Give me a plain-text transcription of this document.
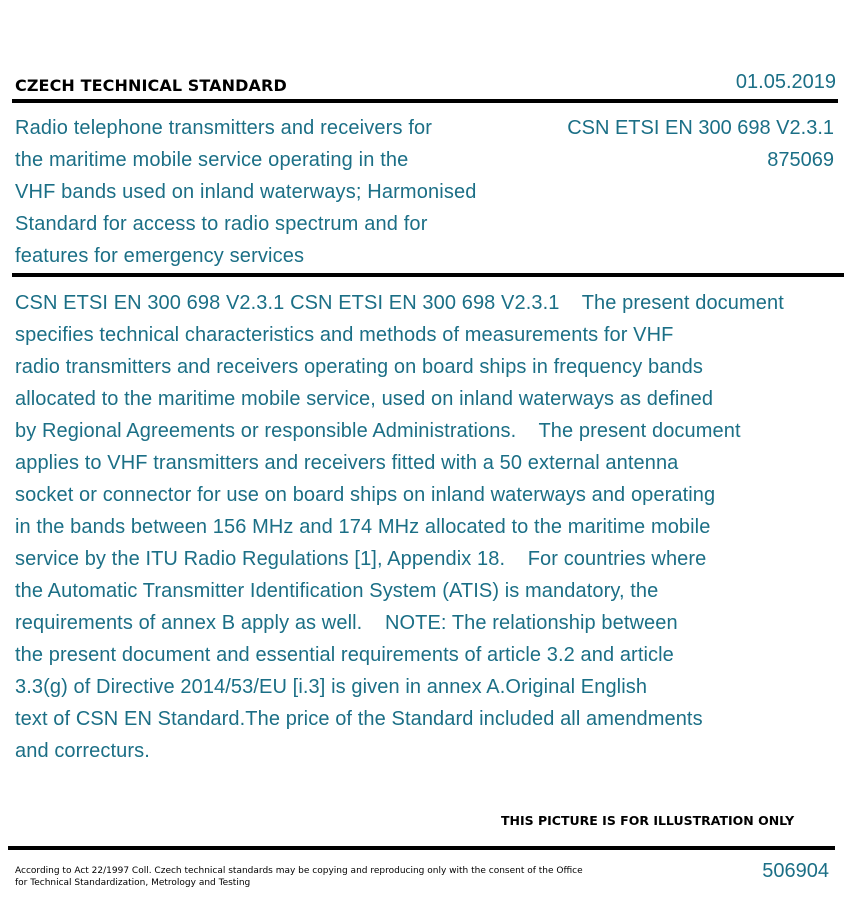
CZECH TECHNICAL STANDARD	01.05.2019
Radio telephone transmitters and receivers for
the maritime mobile service operating in the
VHF bands used on inland waterways; Harmonised
Standard for access to radio spectrum and for
features for emergency services
CSN ETSI EN 300 698 V2.3.1
875069
CSN ETSI EN 300 698 V2.3.1 CSN ETSI EN 300 698 V2.3.1    The present document
specifies technical characteristics and methods of measurements for VHF
radio transmitters and receivers operating on board ships in frequency bands
allocated to the maritime mobile service, used on inland waterways as defined
by Regional Agreements or responsible Administrations.    The present document
applies to VHF transmitters and receivers fitted with a 50 external antenna
socket or connector for use on board ships on inland waterways and operating
in the bands between 156 MHz and 174 MHz allocated to the maritime mobile
service by the ITU Radio Regulations [1], Appendix 18.    For countries where
the Automatic Transmitter Identification System (ATIS) is mandatory, the
requirements of annex B apply as well.    NOTE: The relationship between
the present document and essential requirements of article 3.2 and article
3.3(g) of Directive 2014/53/EU [i.3] is given in annex A.Original English
text of CSN EN Standard.The price of the Standard included all amendments
and correcturs.
THIS PICTURE IS FOR ILLUSTRATION ONLY
According to Act 22/1997 Coll. Czech technical standards may be copying and reproducing only with the consent of the Office
for Technical Standardization, Metrology and Testing
506904
